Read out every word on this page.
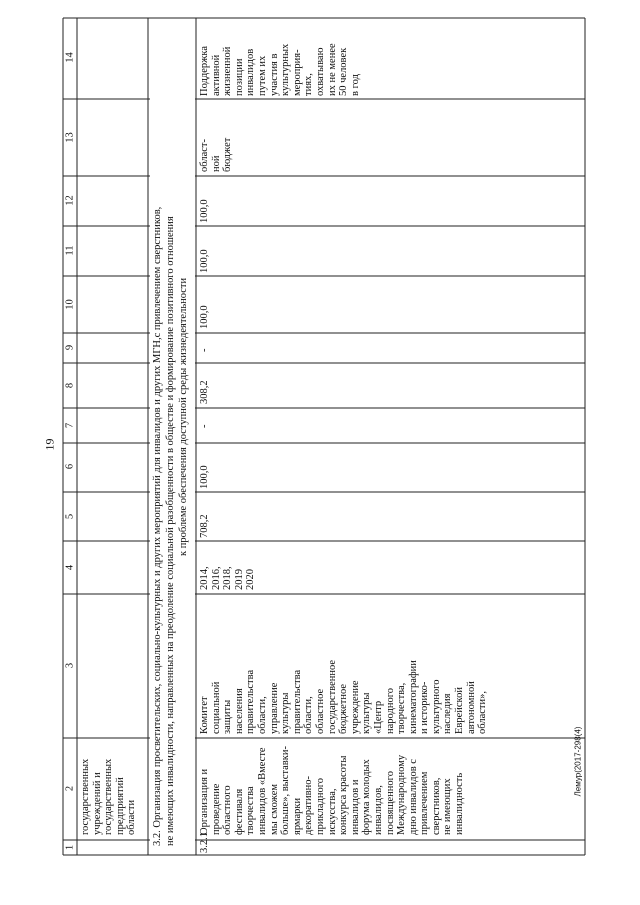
19
Лемур(2017-298(4)
1
2
3
4
5
6
7
8
9
10
11
12
13
14
государственных учреждений и государственных предприятий области 3.2. Организация просветительских, социально-культурных и других мероприятий для инвалидов и других МГН,с привлечением сверстников, не имеющих инвалидности, направленных на преодоление социальной разобщенности в обществе и формирование позитивного отношения к проблеме обеспечения доступной среды жизнедеятельности
3.2.1
Организация и проведение областного фестиваля творчества инвалидов «Вместе мы сможем больше», выставки- ярмарки декоративно- прикладного искусства, конкурса красоты инвалидов и форума молодых инвалидов, посвященного Международному дню инвалидов с привлечением сверстников, не имеющих инвалидность
Комитет социальной защиты населения правительства области, управление культуры правительства области, областное государственное бюджетное учреждение культуры «Центр народного творчества, кинематографии и историко- культурного наследия Еврейской автономной области»,
2014, 2016, 2018, 2019 2020
708,2
100,0
-
308,2
-
100,0
100,0
100,0
област- ной бюджет
Поддержка активной жизненной позиции инвалидов путем их участия в культурных мероприя- тиях, охватываю их не менее 50 человек в год
